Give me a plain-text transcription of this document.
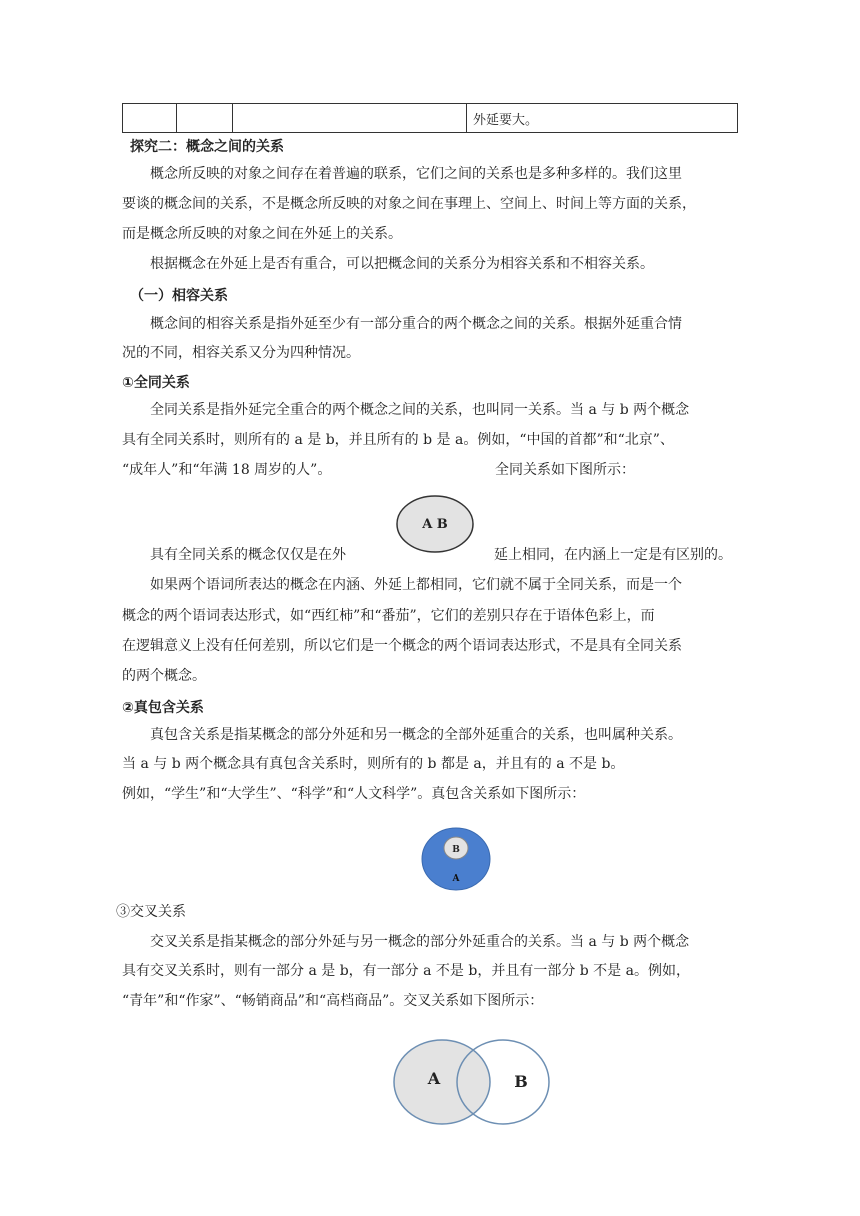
			外延要大。
探究二：概念之间的关系
概念所反映的对象之间存在着普遍的联系，它们之间的关系也是多种多样的。我们这里
要谈的概念间的关系，不是概念所反映的对象之间在事理上、空间上、时间上等方面的关系，
而是概念所反映的对象之间在外延上的关系。
根据概念在外延上是否有重合，可以把概念间的关系分为相容关系和不相容关系。
（一）相容关系
概念间的相容关系是指外延至少有一部分重合的两个概念之间的关系。根据外延重合情
况的不同，相容关系又分为四种情况。
①全同关系
全同关系是指外延完全重合的两个概念之间的关系，也叫同一关系。当 a 与 b 两个概念
具有全同关系时，则所有的 a 是 b，并且所有的 b 是 a。例如，“中国的首都”和“北京”、
“成年人”和“年满 18 周岁的人”。	全同关系如下图所示：
A B
具有全同关系的概念仅仅是在外	延上相同，在内涵上一定是有区别的。
如果两个语词所表达的概念在内涵、外延上都相同，它们就不属于全同关系，而是一个
概念的两个语词表达形式，如“西红柿”和“番茄”，它们的差别只存在于语体色彩上，而
在逻辑意义上没有任何差别，所以它们是一个概念的两个语词表达形式，不是具有全同关系
的两个概念。
②真包含关系
真包含关系是指某概念的部分外延和另一概念的全部外延重合的关系，也叫属种关系。
当 a 与 b 两个概念具有真包含关系时，则所有的 b 都是 a，并且有的 a 不是 b。
例如，“学生”和“大学生”、“科学”和“人文科学”。真包含关系如下图所示：
B
A
③交叉关系
交叉关系是指某概念的部分外延与另一概念的部分外延重合的关系。当 a 与 b 两个概念
具有交叉关系时，则有一部分 a 是 b，有一部分 a 不是 b，并且有一部分 b 不是 a。例如，
“青年”和“作家”、“畅销商品”和“高档商品”。交叉关系如下图所示：
A	B
